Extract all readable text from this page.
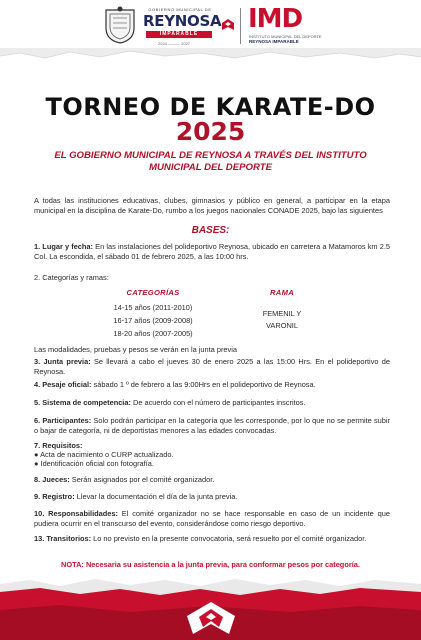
GOBIERNO MUNICIPAL DE
REYNOSA
IMPARABLE
2024 ——— 2027
IMD
INSTITUTO MUNICIPAL DEL DEPORTE
REYNOSA IMPARABLE
TORNEO DE KARATE-DO
2025
EL GOBIERNO MUNICIPAL DE REYNOSA A TRAVÉS DEL INSTITUTO MUNICIPAL DEL DEPORTE
A todas las instituciones educativas, clubes, gimnasios y público en general, a participar en la etapa municipal en la disciplina de Karate-Do, rumbo a los juegos nacionales CONADE 2025, bajo las siguientes
BASES:
1. Lugar y fecha: En las instalaciones del polideportivo Reynosa, ubicado en carretera a Matamoros km 2.5 Col. La escondida, el sábado 01 de febrero 2025, a las 10:00 hrs.
2. Categorías y ramas:
CATEGORÍAS	RAMA
14-15 años (2011-2010)
16-17 años (2009-2008)
18-20 años (2007-2005)
FEMENIL Y
VARONIL
Las modalidades, pruebas y pesos se verán en la junta previa
3. Junta previa: Se llevará a cabo el jueves 30 de enero 2025 a las 15:00 Hrs. En el polideportivo de Reynosa.
4. Pesaje oficial: sábado 1 º de febrero a las 9:00Hrs en el polideportivo de Reynosa.
5. Sistema de competencia: De acuerdo con el número de participantes inscritos.
6. Participantes: Solo podrán participar en la categoría que les corresponde, por lo que no se permite subir o bajar de categoría, ni de deportistas menores a las edades convocadas.
7. Requisitos:
● Acta de nacimiento o CURP actualizado.
● Identificación oficial con fotografía.
8. Jueces: Serán asignados por el comité organizador.
9. Registro: Llevar la documentación el día de la junta previa.
10. Responsabilidades: El comité organizador no se hace responsable en caso de un incidente que pudiera ocurrir en el transcurso del evento, considerándose como riesgo deportivo.
13. Transitorios: Lo no previsto en la presente convocatoria, será resuelto por el comité organizador.
NOTA: Necesaria su asistencia a la junta previa, para conformar pesos por categoría.
